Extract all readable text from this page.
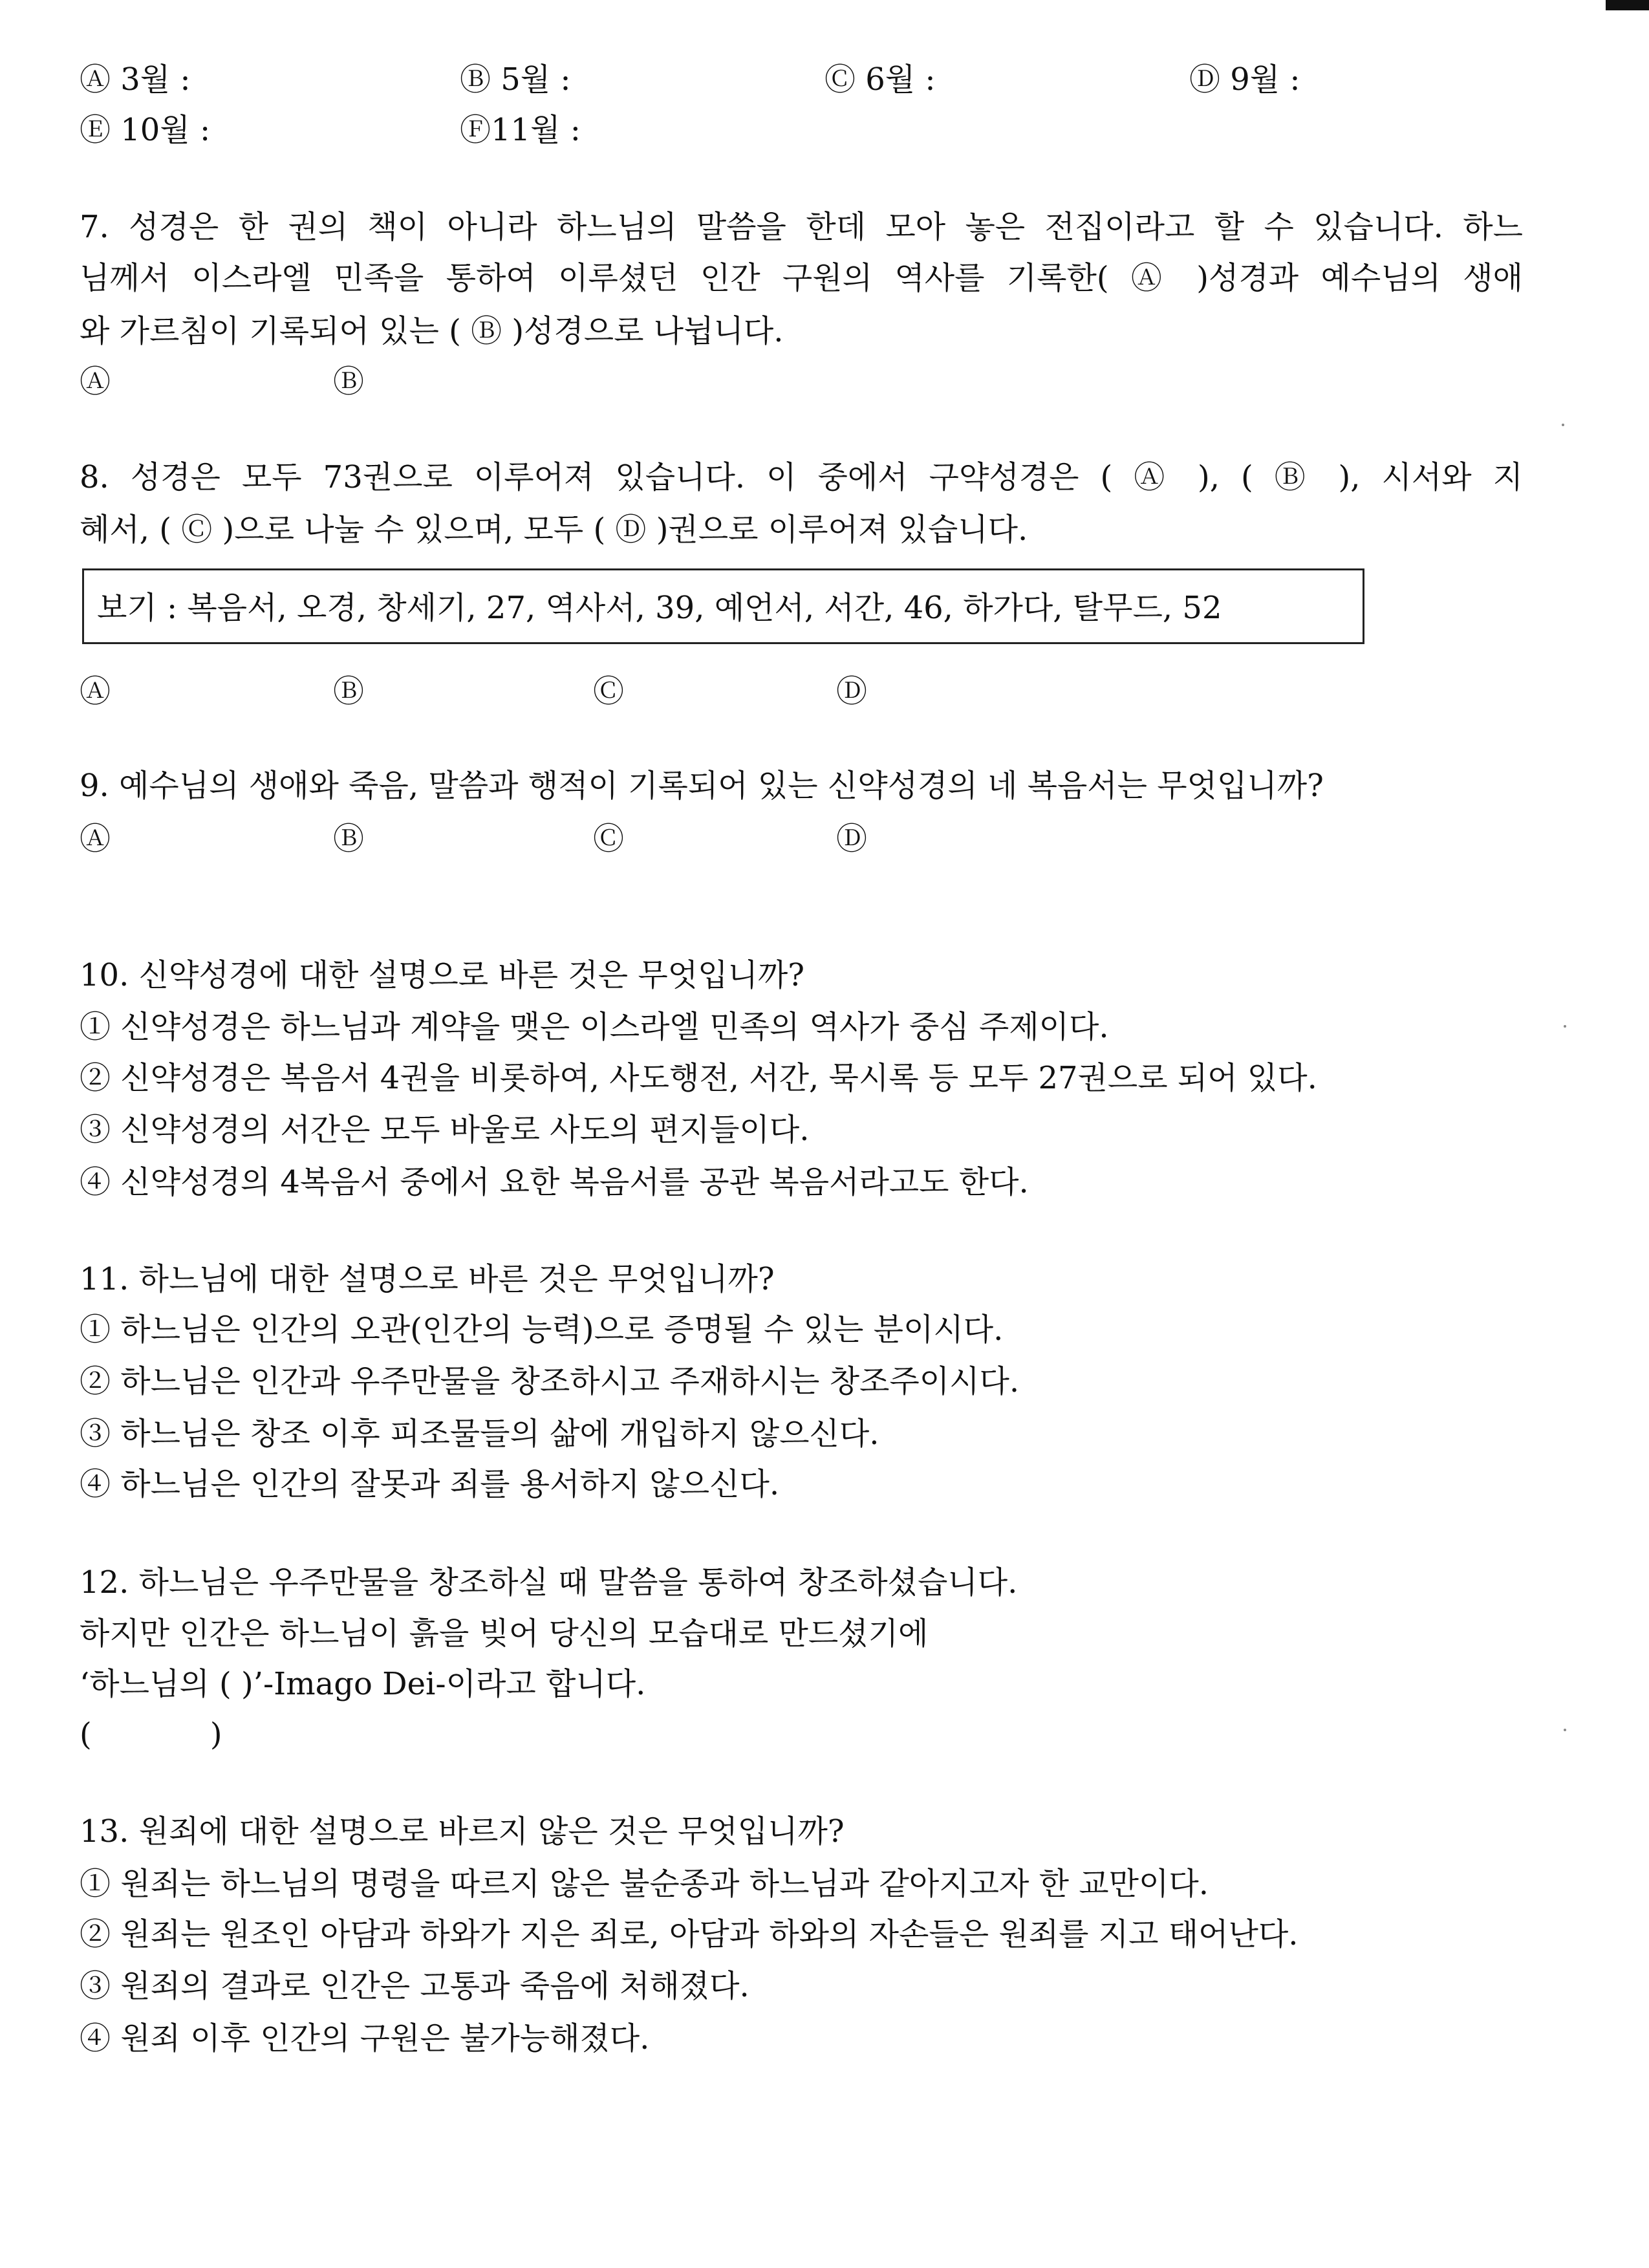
Ⓐ 3월 :	Ⓑ 5월 :	Ⓒ 6월 :	Ⓓ 9월 :
Ⓔ 10월 :	Ⓕ11월 :
7. 성경은 한 권의 책이 아니라 하느님의 말씀을 한데 모아 놓은 전집이라고 할 수 있습니다. 하느
님께서 이스라엘 민족을 통하여 이루셨던 인간 구원의 역사를 기록한( Ⓐ )성경과 예수님의 생애
와 가르침이 기록되어 있는 ( Ⓑ )성경으로 나뉩니다.
Ⓐ	Ⓑ
8. 성경은 모두 73권으로 이루어져 있습니다. 이 중에서 구약성경은 ( Ⓐ ), ( Ⓑ ), 시서와 지
혜서, ( Ⓒ )으로 나눌 수 있으며, 모두 ( Ⓓ )권으로 이루어져 있습니다.
보기 : 복음서, 오경, 창세기, 27, 역사서, 39, 예언서, 서간, 46, 하가다, 탈무드, 52
Ⓐ	Ⓑ	Ⓒ	Ⓓ
9. 예수님의 생애와 죽음, 말씀과 행적이 기록되어 있는 신약성경의 네 복음서는 무엇입니까?
Ⓐ	Ⓑ	Ⓒ	Ⓓ
10. 신약성경에 대한 설명으로 바른 것은 무엇입니까?
① 신약성경은 하느님과 계약을 맺은 이스라엘 민족의 역사가 중심 주제이다.
② 신약성경은 복음서 4권을 비롯하여, 사도행전, 서간, 묵시록 등 모두 27권으로 되어 있다.
③ 신약성경의 서간은 모두 바울로 사도의 편지들이다.
④ 신약성경의 4복음서 중에서 요한 복음서를 공관 복음서라고도 한다.
11. 하느님에 대한 설명으로 바른 것은 무엇입니까?
① 하느님은 인간의 오관(인간의 능력)으로 증명될 수 있는 분이시다.
② 하느님은 인간과 우주만물을 창조하시고 주재하시는 창조주이시다.
③ 하느님은 창조 이후 피조물들의 삶에 개입하지 않으신다.
④ 하느님은 인간의 잘못과 죄를 용서하지 않으신다.
12. 하느님은 우주만물을 창조하실 때 말씀을 통하여 창조하셨습니다.
하지만 인간은 하느님이 흙을 빚어 당신의 모습대로 만드셨기에
‘하느님의 ( )’-Imago Dei-이라고 합니다.
(            )
13. 원죄에 대한 설명으로 바르지 않은 것은 무엇입니까?
① 원죄는 하느님의 명령을 따르지 않은 불순종과 하느님과 같아지고자 한 교만이다.
② 원죄는 원조인 아담과 하와가 지은 죄로, 아담과 하와의 자손들은 원죄를 지고 태어난다.
③ 원죄의 결과로 인간은 고통과 죽음에 처해졌다.
④ 원죄 이후 인간의 구원은 불가능해졌다.
